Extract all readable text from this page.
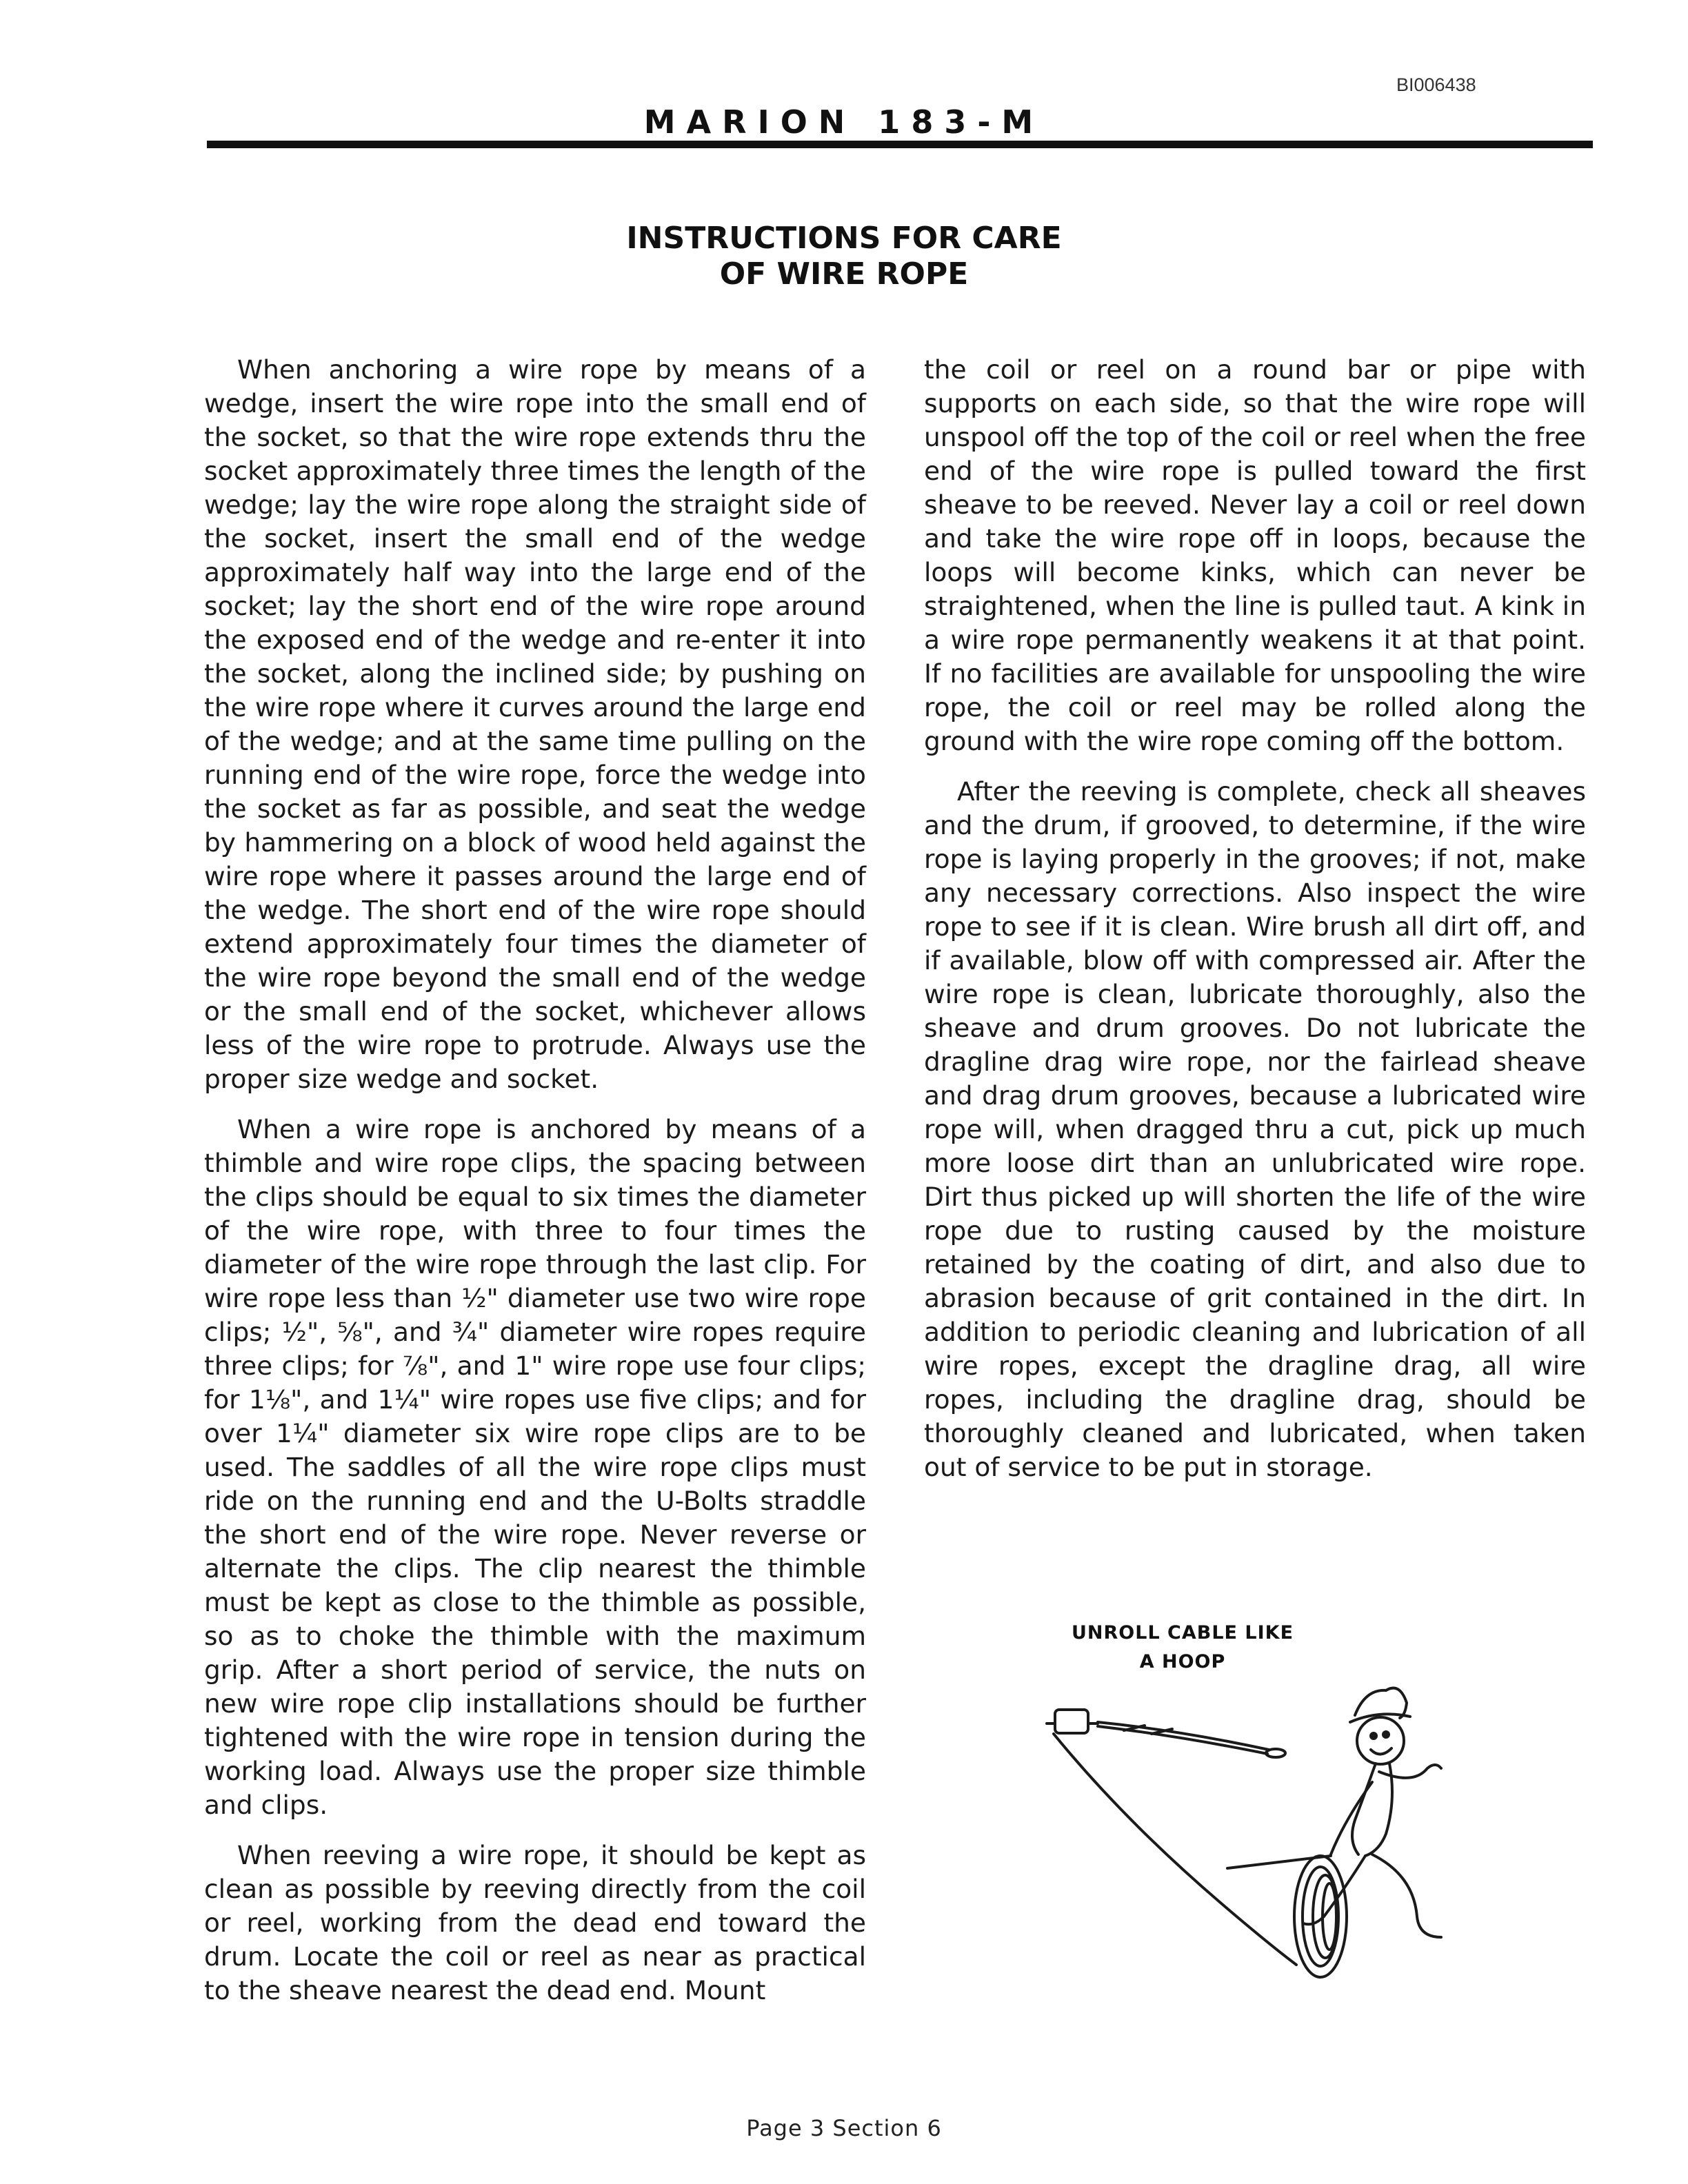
BI006438
MARION 183-M
INSTRUCTIONS FOR CARE
OF WIRE ROPE

When anchoring a wire rope by means of a wedge, insert the wire rope into the small end of the socket, so that the wire rope extends thru the socket approximately three times the length of the wedge; lay the wire rope along the straight side of the socket, insert the small end of the wedge approximately half way into the large end of the socket; lay the short end of the wire rope around the exposed end of the wedge and re-enter it into the socket, along the inclined side; by pushing on the wire rope where it curves around the large end of the wedge; and at the same time pulling on the running end of the wire rope, force the wedge into the socket as far as possible, and seat the wedge by hammering on a block of wood held against the wire rope where it passes around the large end of the wedge. The short end of the wire rope should extend approximately four times the diameter of the wire rope beyond the small end of the wedge or the small end of the socket, whichever allows less of the wire rope to protrude. Always use the proper size wedge and socket.

When a wire rope is anchored by means of a thimble and wire rope clips, the spacing between the clips should be equal to six times the diameter of the wire rope, with three to four times the diameter of the wire rope through the last clip. For wire rope less than ½" diameter use two wire rope clips; ½", ⅝", and ¾" diameter wire ropes require three clips; for ⅞", and 1" wire rope use four clips; for 1⅛", and 1¼" wire ropes use five clips; and for over 1¼" diameter six wire rope clips are to be used. The saddles of all the wire rope clips must ride on the running end and the U-Bolts straddle the short end of the wire rope. Never reverse or alternate the clips. The clip nearest the thimble must be kept as close to the thimble as possible, so as to choke the thimble with the maximum grip. After a short period of service, the nuts on new wire rope clip installations should be further tightened with the wire rope in tension during the working load. Always use the proper size thimble and clips.

When reeving a wire rope, it should be kept as clean as possible by reeving directly from the coil or reel, working from the dead end toward the drum. Locate the coil or reel as near as practical to the sheave nearest the dead end. Mount

the coil or reel on a round bar or pipe with supports on each side, so that the wire rope will unspool off the top of the coil or reel when the free end of the wire rope is pulled toward the first sheave to be reeved. Never lay a coil or reel down and take the wire rope off in loops, because the loops will become kinks, which can never be straightened, when the line is pulled taut. A kink in a wire rope permanently weakens it at that point. If no facilities are available for unspooling the wire rope, the coil or reel may be rolled along the ground with the wire rope coming off the bottom.

After the reeving is complete, check all sheaves and the drum, if grooved, to determine, if the wire rope is laying properly in the grooves; if not, make any necessary corrections. Also inspect the wire rope to see if it is clean. Wire brush all dirt off, and if available, blow off with compressed air. After the wire rope is clean, lubricate thoroughly, also the sheave and drum grooves. Do not lubricate the dragline drag wire rope, nor the fairlead sheave and drag drum grooves, because a lubricated wire rope will, when dragged thru a cut, pick up much more loose dirt than an unlubricated wire rope. Dirt thus picked up will shorten the life of the wire rope due to rusting caused by the moisture retained by the coating of dirt, and also due to abrasion because of grit contained in the dirt. In addition to periodic cleaning and lubrication of all wire ropes, except the dragline drag, all wire ropes, including the dragline drag, should be thoroughly cleaned and lubricated, when taken out of service to be put in storage.

UNROLL CABLE LIKE
A HOOP
Page 3 Section 6
